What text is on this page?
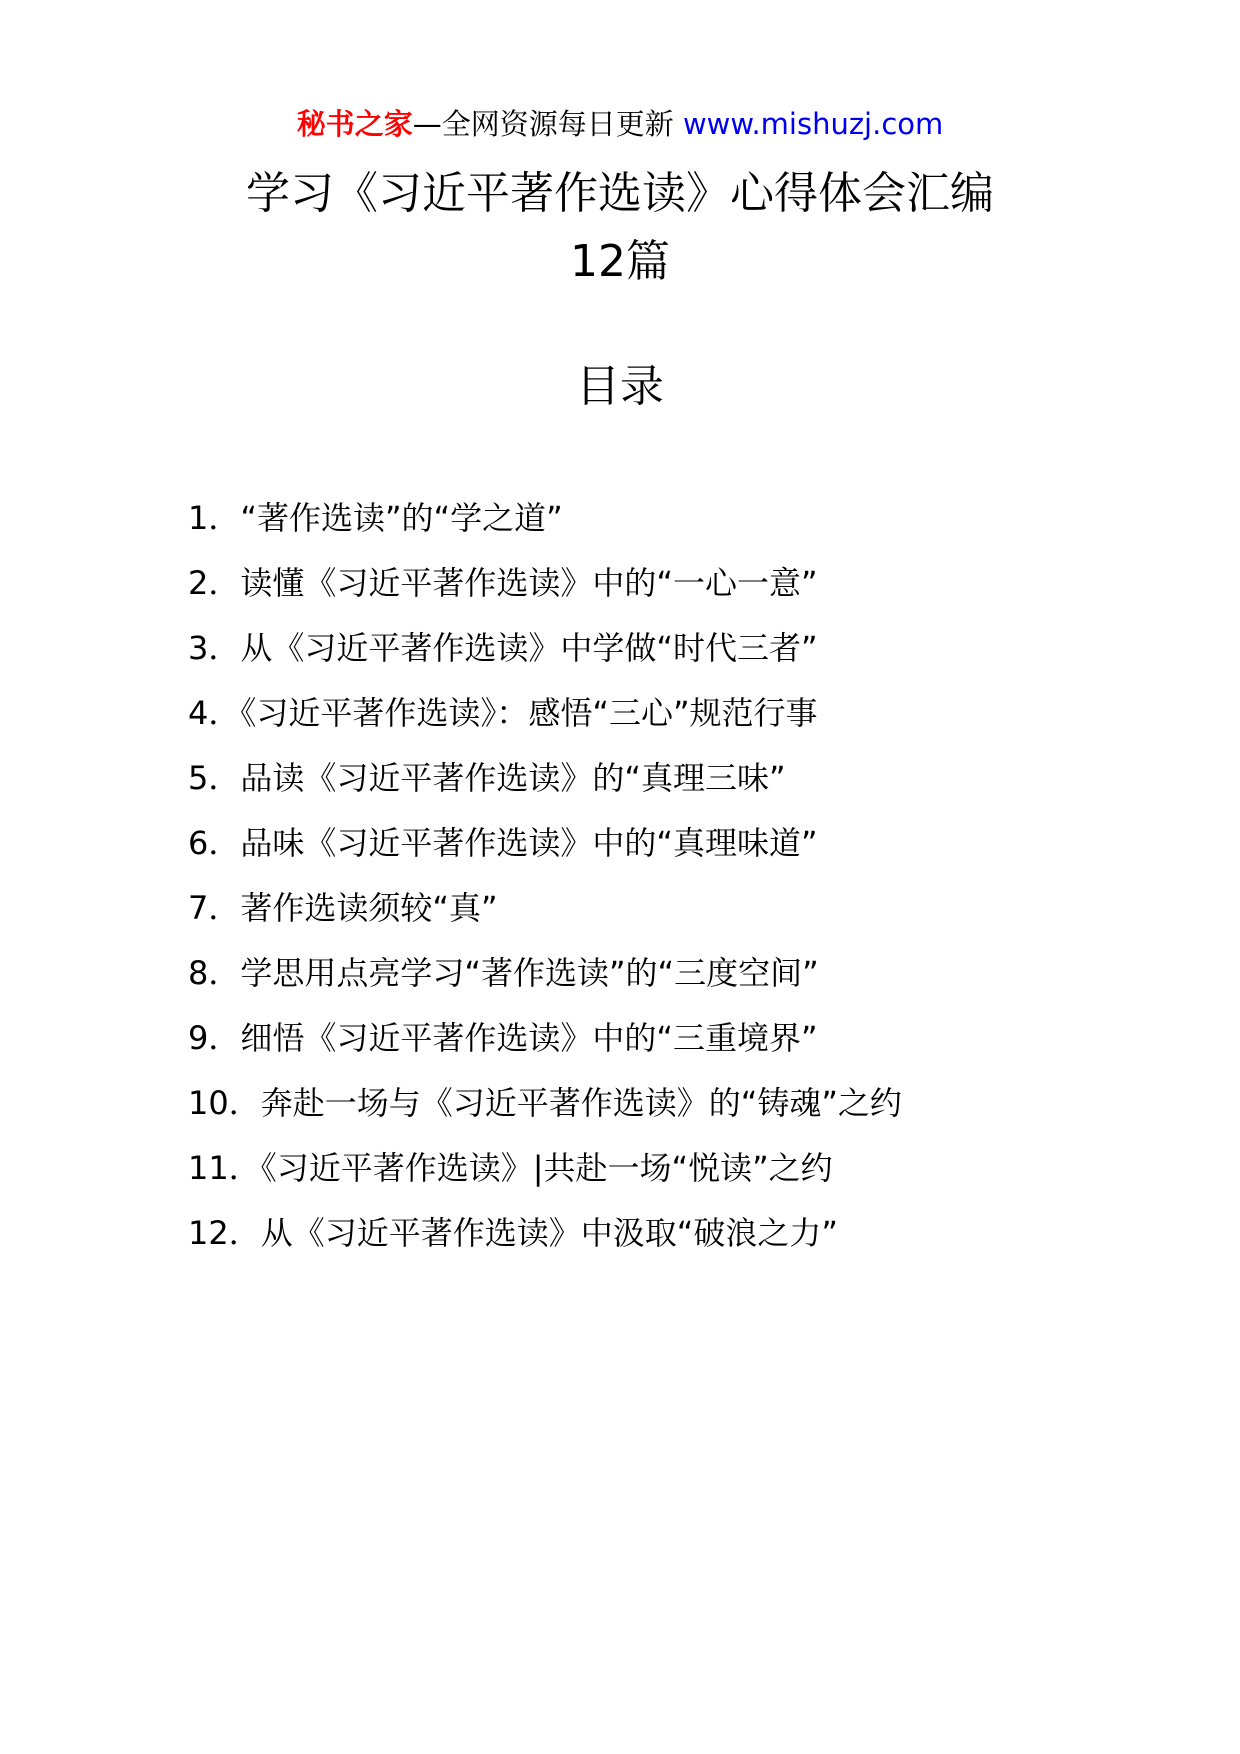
秘书之家—全网资源每日更新 www.mishuzj.com
学习《习近平著作选读》心得体会汇编
12篇
目录
1．“著作选读”的“学之道”
2．读懂《习近平著作选读》中的“一心一意”
3．从《习近平著作选读》中学做“时代三者”
4．《习近平著作选读》：感悟“三心”规范行事
5．品读《习近平著作选读》的“真理三味”
6．品味《习近平著作选读》中的“真理味道”
7．著作选读须较“真”
8．学思用点亮学习“著作选读”的“三度空间”
9．细悟《习近平著作选读》中的“三重境界”
10．奔赴一场与《习近平著作选读》的“铸魂”之约
11．《习近平著作选读》|共赴一场“悦读”之约
12．从《习近平著作选读》中汲取“破浪之力”
